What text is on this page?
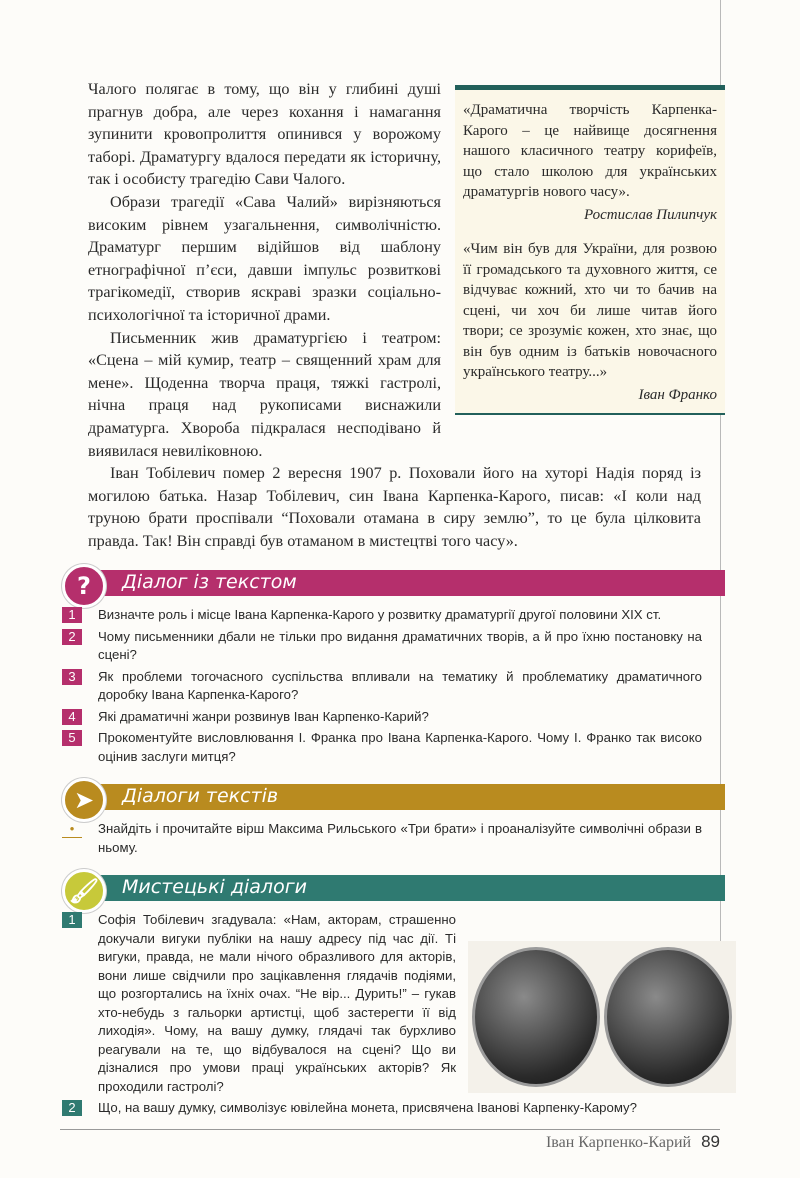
«Драматична творчість Карпенка-Карого – це найвище досягнення нашого класичного театру корифеїв, що стало школою для українських драматургів нового часу».

Ростислав Пилипчук

«Чим він був для України, для розвою її громадського та духовного життя, се відчуває кожний, хто чи то бачив на сцені, чи хоч би лише читав його твори; се зрозуміє кожен, хто знає, що він був одним із батьків новочасного українського театру...»

Іван Франко

Чалого полягає в тому, що він у глибині душі прагнув добра, але через кохання і намагання зупинити кровопролиття опинився у ворожому таборі. Драматургу вдалося передати як історичну, так і особисту трагедію Сави Чалого.

Образи трагедії «Сава Чалий» вирізняються високим рівнем узагальнення, символічністю. Драматург першим відійшов від шаблону етнографічної п’єси, давши імпульс розвиткові трагікомедії, створив яскраві зразки соціально-психологічної та історичної драми.

Письменник жив драматургією і театром: «Сцена – мій кумир, театр – священний храм для мене». Щоденна творча праця, тяжкі гастролі, нічна праця над рукописами виснажили драматурга. Хвороба підкралася несподівано й виявилася невиліковною.

Іван Тобілевич помер 2 вересня 1907 р. Поховали його на хуторі Надія поряд із могилою батька. Назар Тобілевич, син Івана Карпенка-Карого, писав: «І коли над труною брати проспівали “Поховали отамана в сиру землю”, то це була цілковита правда. Так! Він справді був отаманом в мистецтві того часу».

?	Діалог із текстом
1	Визначте роль і місце Івана Карпенка-Карого у розвитку драматургії другої половини XIX ст.
2	Чому письменники дбали не тільки про видання драматичних творів, а й про їхню постановку на сцені?
3	Як проблеми тогочасного суспільства впливали на тематику й проблематику драматичного доробку Івана Карпенка-Карого?
4	Які драматичні жанри розвинув Іван Карпенко-Карий?
5	Прокоментуйте висловлювання І. Франка про Івана Карпенка-Карого. Чому І. Франко так високо оцінив заслуги митця?
➤	Діалоги текстів
•	Знайдіть і прочитайте вірш Максима Рильського «Три брати» і проаналізуйте символічні образи в ньому.
🖌	Мистецькі діалоги
1	Софія Тобілевич згадувала: «Нам, акторам, страшенно докучали вигуки публіки на нашу адресу під час дії. Ті вигуки, правда, не мали нічого образливого для акторів, вони лише свідчили про зацікавлення глядачів подіями, що розгортались на їхніх очах. “Не вір... Дурить!” – гукав хто-небудь з гальорки артистці, щоб застерегти її від лиходія». Чому, на вашу думку, глядачі так бурхливо реагували на те, що відбувалося на сцені? Що ви дізналися про умови праці українських акторів? Як проходили гастролі?
2	Що, на вашу думку, символізує ювілейна монета, присвячена Іванові Карпенку-Карому?
Іван Карпенко-Карий 89
